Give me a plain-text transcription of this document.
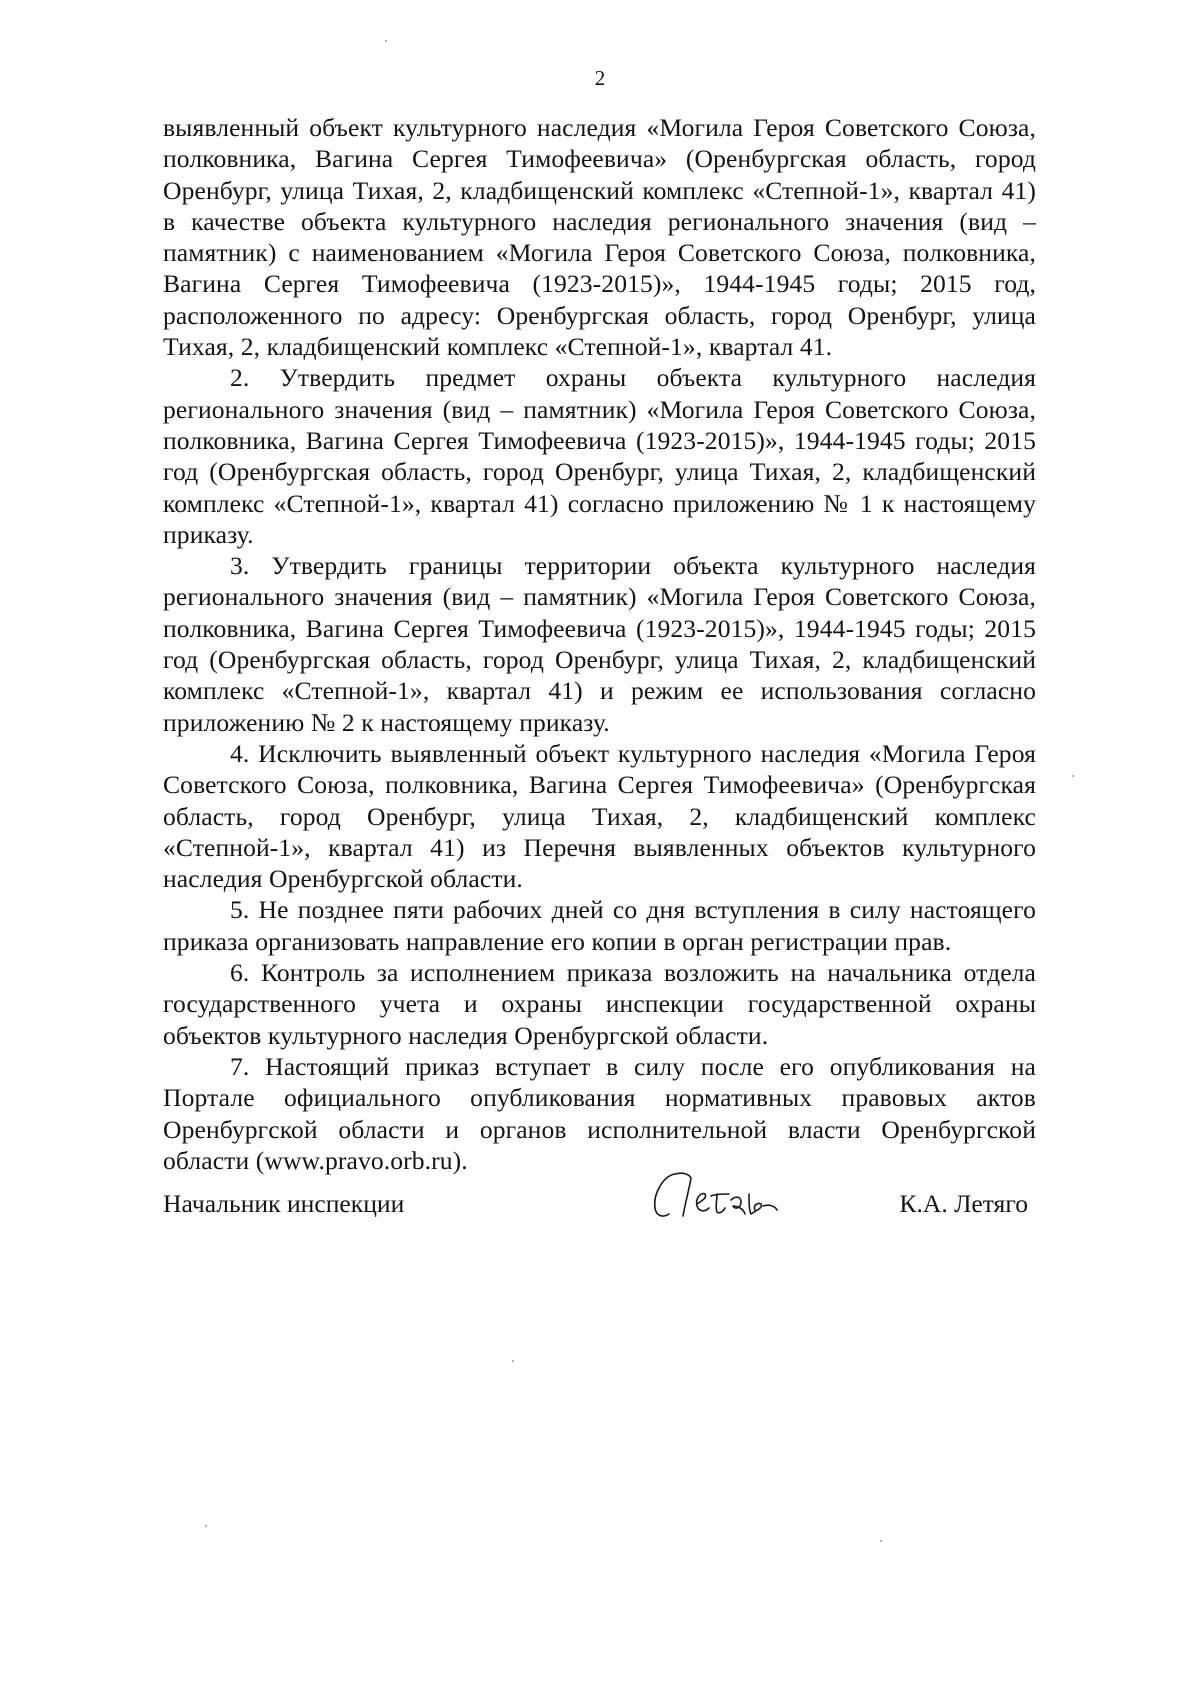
2

выявленный объект культурного наследия «Могила Героя Советского Союза, полковника, Вагина Сергея Тимофеевича» (Оренбургская область, город Оренбург, улица Тихая, 2, кладбищенский комплекс «Степной-1», квартал 41) в качестве объекта культурного наследия регионального значения (вид – памятник) с наименованием «Могила Героя Советского Союза, полковника, Вагина Сергея Тимофеевича (1923-2015)», 1944-1945 годы; 2015 год, расположенного по адресу: Оренбургская область, город Оренбург, улица Тихая, 2, кладбищенский комплекс «Степной-1», квартал 41.

2. Утвердить предмет охраны объекта культурного наследия регионального значения (вид – памятник) «Могила Героя Советского Союза, полковника, Вагина Сергея Тимофеевича (1923-2015)», 1944-1945 годы; 2015 год (Оренбургская область, город Оренбург, улица Тихая, 2, кладбищенский комплекс «Степной-1», квартал 41) согласно приложению № 1 к настоящему приказу.

3. Утвердить границы территории объекта культурного наследия регионального значения (вид – памятник) «Могила Героя Советского Союза, полковника, Вагина Сергея Тимофеевича (1923-2015)», 1944-1945 годы; 2015 год (Оренбургская область, город Оренбург, улица Тихая, 2, кладбищенский комплекс «Степной-1», квартал 41) и режим ее использования согласно приложению № 2 к настоящему приказу.

4. Исключить выявленный объект культурного наследия «Могила Героя Советского Союза, полковника, Вагина Сергея Тимофеевича» (Оренбургская область, город Оренбург, улица Тихая, 2, кладбищенский комплекс «Степной-1», квартал 41) из Перечня выявленных объектов культурного наследия Оренбургской области.

5. Не позднее пяти рабочих дней со дня вступления в силу настоящего приказа организовать направление его копии в орган регистрации прав.

6. Контроль за исполнением приказа возложить на начальника отдела государственного учета и охраны инспекции государственной охраны объектов культурного наследия Оренбургской области.

7. Настоящий приказ вступает в силу после его опубликования на Портале официального опубликования нормативных правовых актов Оренбургской области и органов исполнительной власти Оренбургской области (www.pravo.orb.ru).

Начальник инспекции	К.А. Летяго
